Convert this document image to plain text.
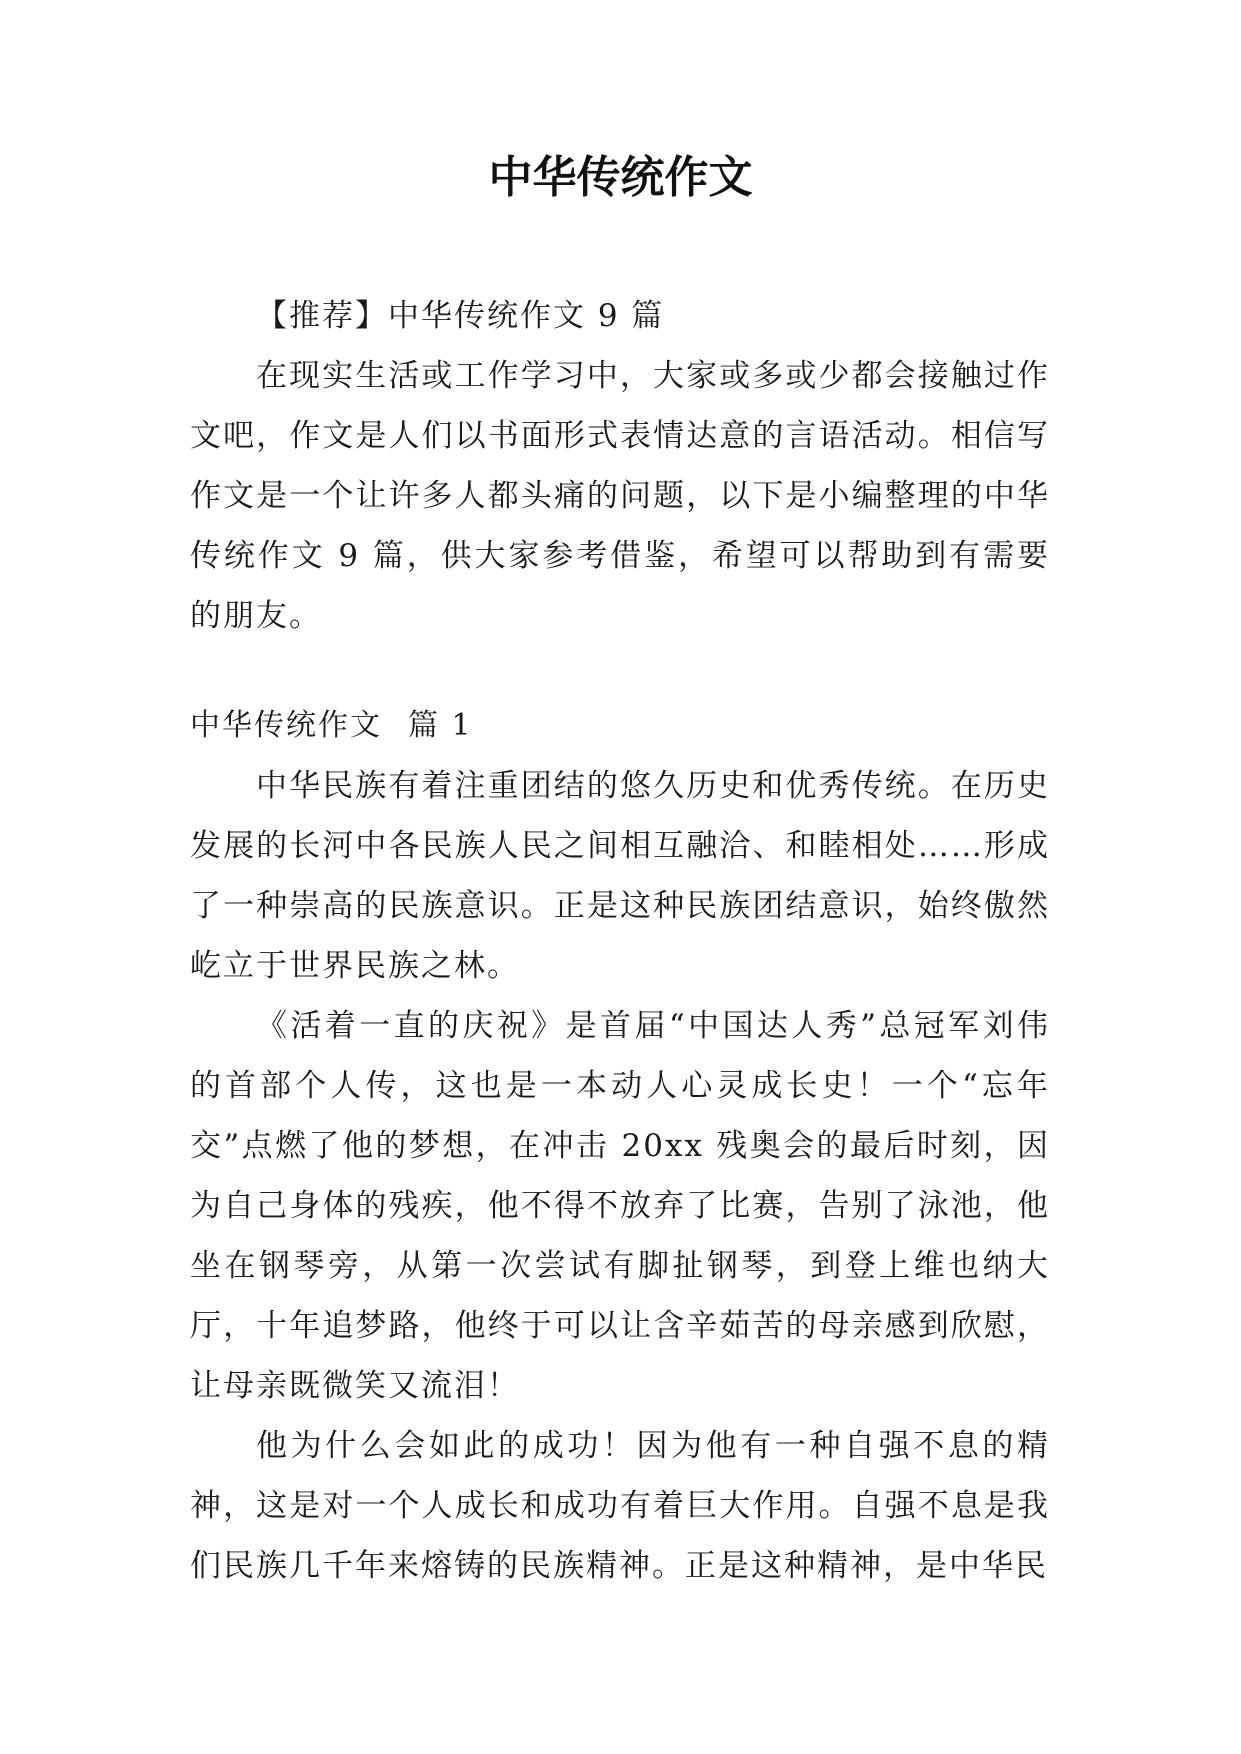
中华传统作文

【推荐】中华传统作文 9 篇

在现实生活或工作学习中，大家或多或少都会接触过作文吧，作文是人们以书面形式表情达意的言语活动。相信写作文是一个让许多人都头痛的问题，以下是小编整理的中华传统作文 9 篇，供大家参考借鉴，希望可以帮助到有需要的朋友。

中华传统作文 篇 1

中华民族有着注重团结的悠久历史和优秀传统。在历史发展的长河中各民族人民之间相互融洽、和睦相处……形成了一种崇高的民族意识。正是这种民族团结意识，始终傲然屹立于世界民族之林。

《活着一直的庆祝》是首届“中国达人秀”总冠军刘伟的首部个人传，这也是一本动人心灵成长史！一个“忘年交”点燃了他的梦想，在冲击 20xx 残奥会的最后时刻，因为自己身体的残疾，他不得不放弃了比赛，告别了泳池，他坐在钢琴旁，从第一次尝试有脚扯钢琴，到登上维也纳大厅，十年追梦路，他终于可以让含辛茹苦的母亲感到欣慰，让母亲既微笑又流泪！

他为什么会如此的成功！因为他有一种自强不息的精神，这是对一个人成长和成功有着巨大作用。自强不息是我们民族几千年来熔铸的民族精神。正是这种精神，是中华民
